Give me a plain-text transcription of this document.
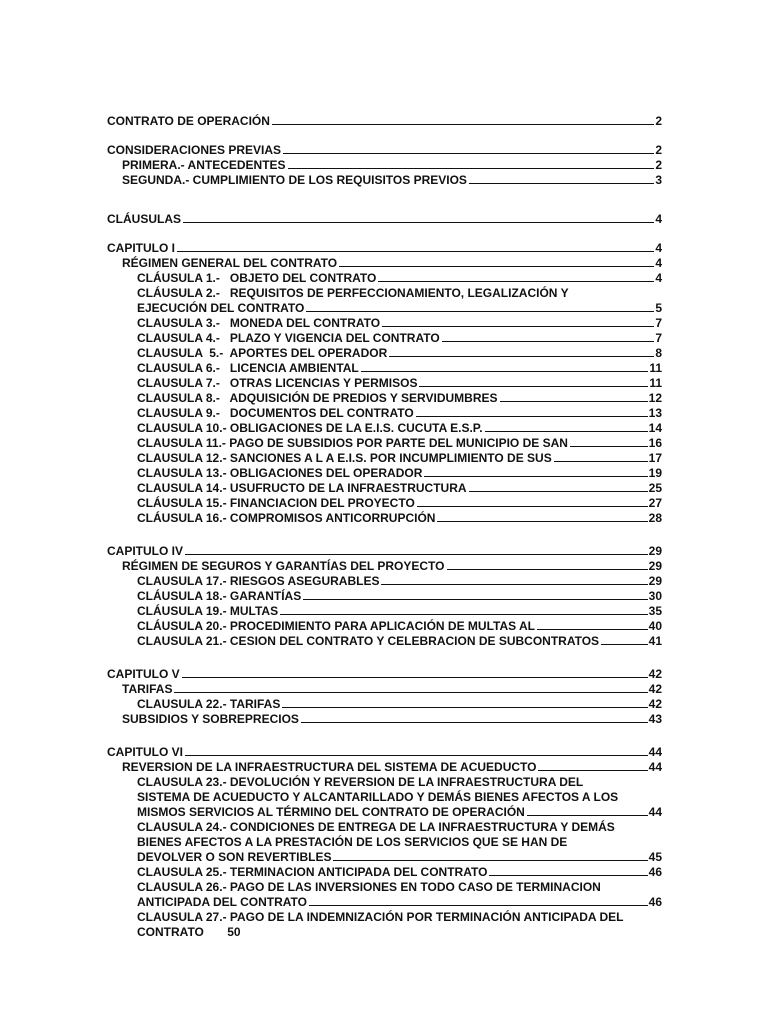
CONTRATO DE OPERACIÓN	2
CONSIDERACIONES PREVIAS	2
PRIMERA.- ANTECEDENTES	2
SEGUNDA.- CUMPLIMIENTO DE LOS REQUISITOS PREVIOS	3
CLÁUSULAS	4
CAPITULO I	4
RÉGIMEN GENERAL DEL CONTRATO	4
CLÁUSULA 1.-   OBJETO DEL CONTRATO	4
CLÁUSULA 2.-   REQUISITOS DE PERFECCIONAMIENTO, LEGALIZACIÓN Y
EJECUCIÓN DEL CONTRATO	5
CLAUSULA 3.-   MONEDA DEL CONTRATO	7
CLAUSULA 4.-   PLAZO Y VIGENCIA DEL CONTRATO	7
CLAUSULA  5.-  APORTES DEL OPERADOR	8
CLAUSULA 6.-   LICENCIA AMBIENTAL	11
CLAUSULA 7.-   OTRAS LICENCIAS Y PERMISOS	11
CLAUSULA 8.-   ADQUISICIÓN DE PREDIOS Y SERVIDUMBRES	12
CLAUSULA 9.-   DOCUMENTOS DEL CONTRATO	13
CLAUSULA 10.- OBLIGACIONES DE LA E.I.S. CUCUTA E.S.P.	14
CLAUSULA 11.- PAGO DE SUBSIDIOS POR PARTE DEL MUNICIPIO DE SAN	16
CLAUSULA 12.- SANCIONES A L A E.I.S. POR INCUMPLIMIENTO DE SUS	17
CLAUSULA 13.- OBLIGACIONES DEL OPERADOR	19
CLAUSULA 14.- USUFRUCTO DE LA INFRAESTRUCTURA	25
CLÁUSULA 15.- FINANCIACION DEL PROYECTO	27
CLÁUSULA 16.- COMPROMISOS ANTICORRUPCIÓN	28
CAPITULO IV	29
RÉGIMEN DE SEGUROS Y GARANTÍAS DEL PROYECTO	29
CLAUSULA 17.- RIESGOS ASEGURABLES	29
CLÁUSULA 18.- GARANTÍAS	30
CLÁUSULA 19.- MULTAS	35
CLÁUSULA 20.- PROCEDIMIENTO PARA APLICACIÓN DE MULTAS AL	40
CLAUSULA 21.- CESION DEL CONTRATO Y CELEBRACION DE SUBCONTRATOS	41
CAPITULO V	42
TARIFAS	42
CLAUSULA 22.- TARIFAS	42
SUBSIDIOS Y SOBREPRECIOS	43
CAPITULO VI	44
REVERSION DE LA INFRAESTRUCTURA DEL SISTEMA DE ACUEDUCTO	44
CLAUSULA 23.- DEVOLUCIÓN Y REVERSION DE LA INFRAESTRUCTURA DEL
SISTEMA DE ACUEDUCTO Y ALCANTARILLADO Y DEMÁS BIENES AFECTOS A LOS
MISMOS SERVICIOS AL TÉRMINO DEL CONTRATO DE OPERACIÓN	44
CLAUSULA 24.- CONDICIONES DE ENTREGA DE LA INFRAESTRUCTURA Y DEMÁS
BIENES AFECTOS A LA PRESTACIÓN DE LOS SERVICIOS QUE SE HAN DE
DEVOLVER O SON REVERTIBLES	45
CLAUSULA 25.- TERMINACION ANTICIPADA DEL CONTRATO	46
CLAUSULA 26.- PAGO DE LAS INVERSIONES EN TODO CASO DE TERMINACION
ANTICIPADA DEL CONTRATO	46
CLAUSULA 27.- PAGO DE LA INDEMNIZACIÓN POR TERMINACIÓN ANTICIPADA DEL
CONTRATO       50
